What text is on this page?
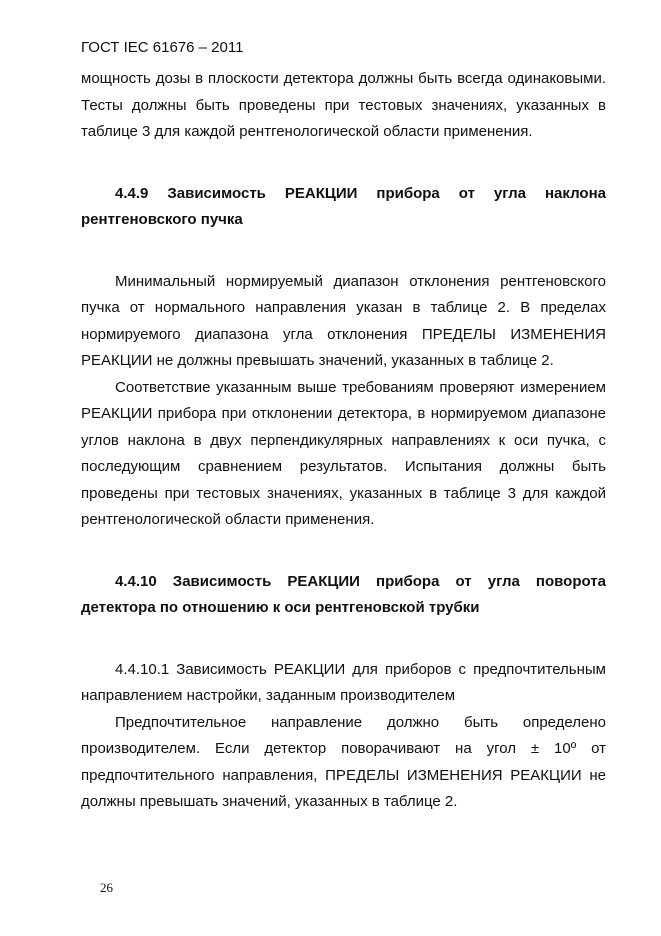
ГОСТ IEC 61676 – 2011

мощность дозы в плоскости детектора должны быть всегда одинаковыми. Тесты должны быть проведены при тестовых значениях, указанных в таблице 3 для каждой рентгенологической области применения.

4.4.9 Зависимость РЕАКЦИИ прибора от угла наклона рентгеновского пучка

Минимальный нормируемый диапазон отклонения рентгеновского пучка от нормального направления указан в таблице 2. В пределах нормируемого диапазона угла отклонения ПРЕДЕЛЫ ИЗМЕНЕНИЯ РЕАКЦИИ не должны превышать значений, указанных в таблице 2.

Соответствие указанным выше требованиям проверяют измерением РЕАКЦИИ прибора при отклонении детектора, в нормируемом диапазоне углов наклона в двух перпендикулярных направлениях к оси пучка, с последующим сравнением результатов. Испытания должны быть проведены при тестовых значениях, указанных в таблице 3 для каждой рентгенологической области применения.

4.4.10 Зависимость РЕАКЦИИ прибора от угла поворота детектора по отношению к оси рентгеновской трубки

4.4.10.1 Зависимость РЕАКЦИИ для приборов с предпочтительным направлением настройки, заданным производителем

Предпочтительное направление должно быть определено производителем. Если детектор поворачивают на угол ± 10º от предпочтительного направления, ПРЕДЕЛЫ ИЗМЕНЕНИЯ РЕАКЦИИ не должны превышать значений, указанных в таблице 2.

26
